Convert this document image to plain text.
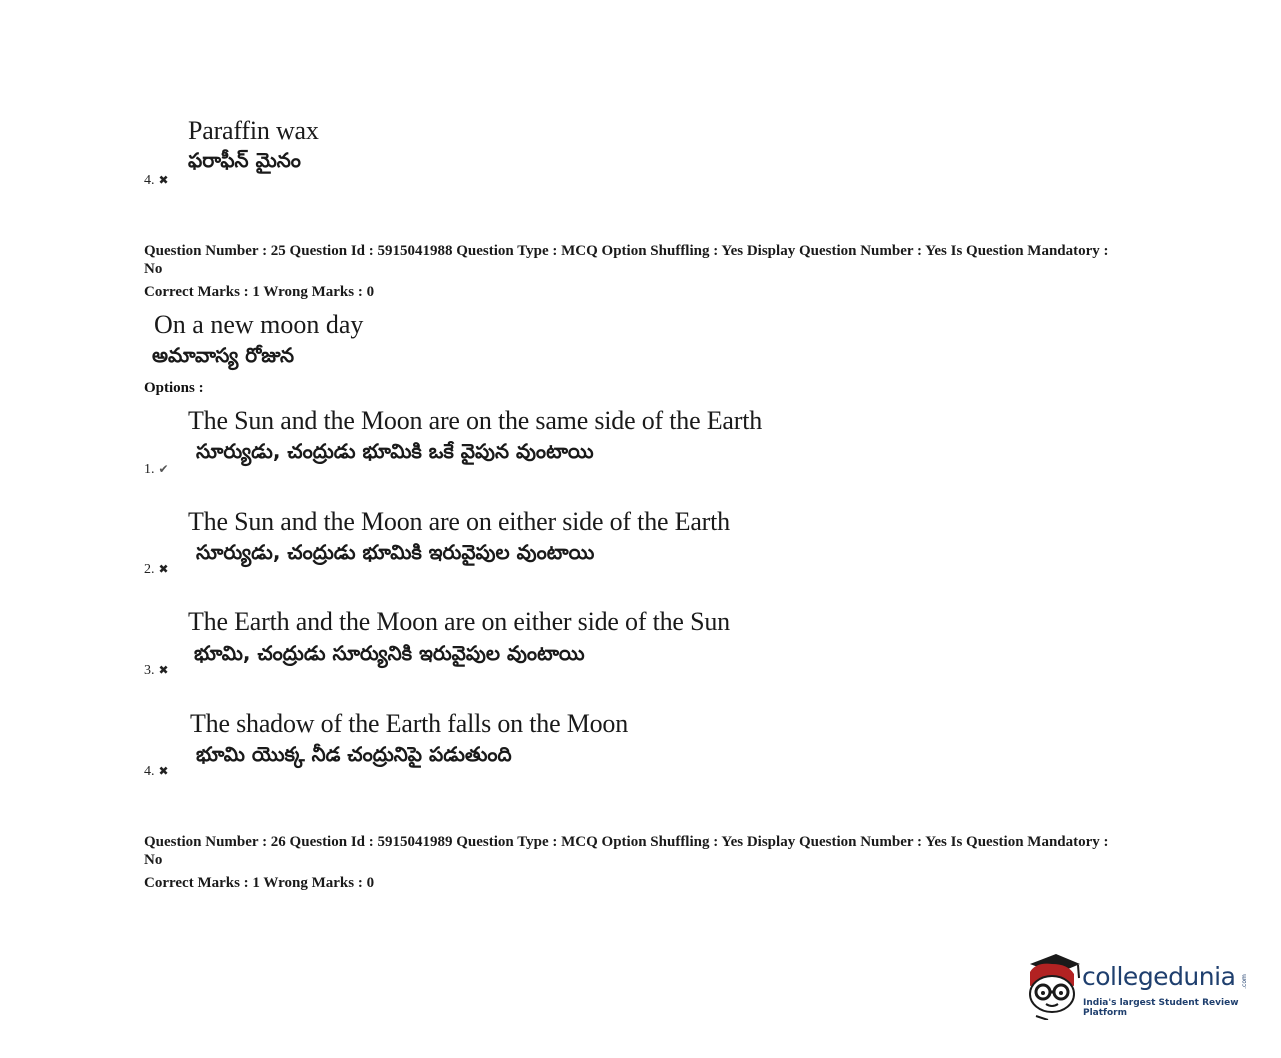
Paraffin wax
ఫరాఫీన్ మైనం
4. ✖
Question Number : 25 Question Id : 5915041988 Question Type : MCQ Option Shuffling : Yes Display Question Number : Yes Is Question Mandatory : No
Correct Marks : 1 Wrong Marks : 0
On a new moon day
అమావాస్య రోజున
Options :
The Sun and the Moon are on the same side of the Earth
సూర్యుడు, చంద్రుడు భూమికి ఒకే వైపున వుంటాయి
1. ✔
The Sun and the Moon are on either side of the Earth
సూర్యుడు, చంద్రుడు భూమికి ఇరువైపుల వుంటాయి
2. ✖
The Earth and the Moon are on either side of the Sun
భూమి, చంద్రుడు సూర్యునికి ఇరువైపుల వుంటాయి
3. ✖
The shadow of the Earth falls on the Moon
భూమి యొక్క నీడ చంద్రునిపై పడుతుంది
4. ✖
Question Number : 26 Question Id : 5915041989 Question Type : MCQ Option Shuffling : Yes Display Question Number : Yes Is Question Mandatory : No
Correct Marks : 1 Wrong Marks : 0
collegedunia .com
India's largest Student Review Platform
